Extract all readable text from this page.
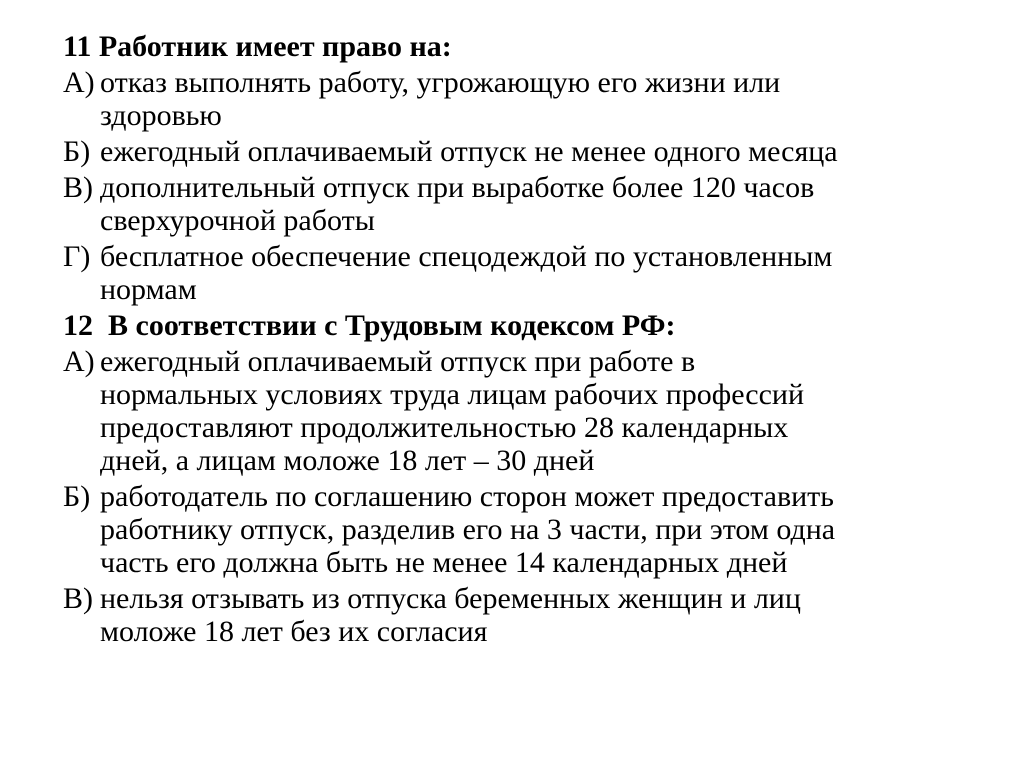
11 Работник имеет право на:
А) отказ выполнять работу, угрожающую его жизни или
здоровью
Б) ежегодный оплачиваемый отпуск не менее одного месяца
В) дополнительный отпуск при выработке более 120 часов
сверхурочной работы
Г) бесплатное обеспечение спецодеждой по установленным
нормам
12  В соответствии с Трудовым кодексом РФ:
А) ежегодный оплачиваемый отпуск при работе в
нормальных условиях труда лицам рабочих профессий
предоставляют продолжительностью 28 календарных
дней, а лицам моложе 18 лет – 30 дней
Б) работодатель по соглашению сторон может предоставить
работнику отпуск, разделив его на 3 части, при этом одна
часть его должна быть не менее 14 календарных дней
В) нельзя отзывать из отпуска беременных женщин и лиц
моложе 18 лет без их согласия
